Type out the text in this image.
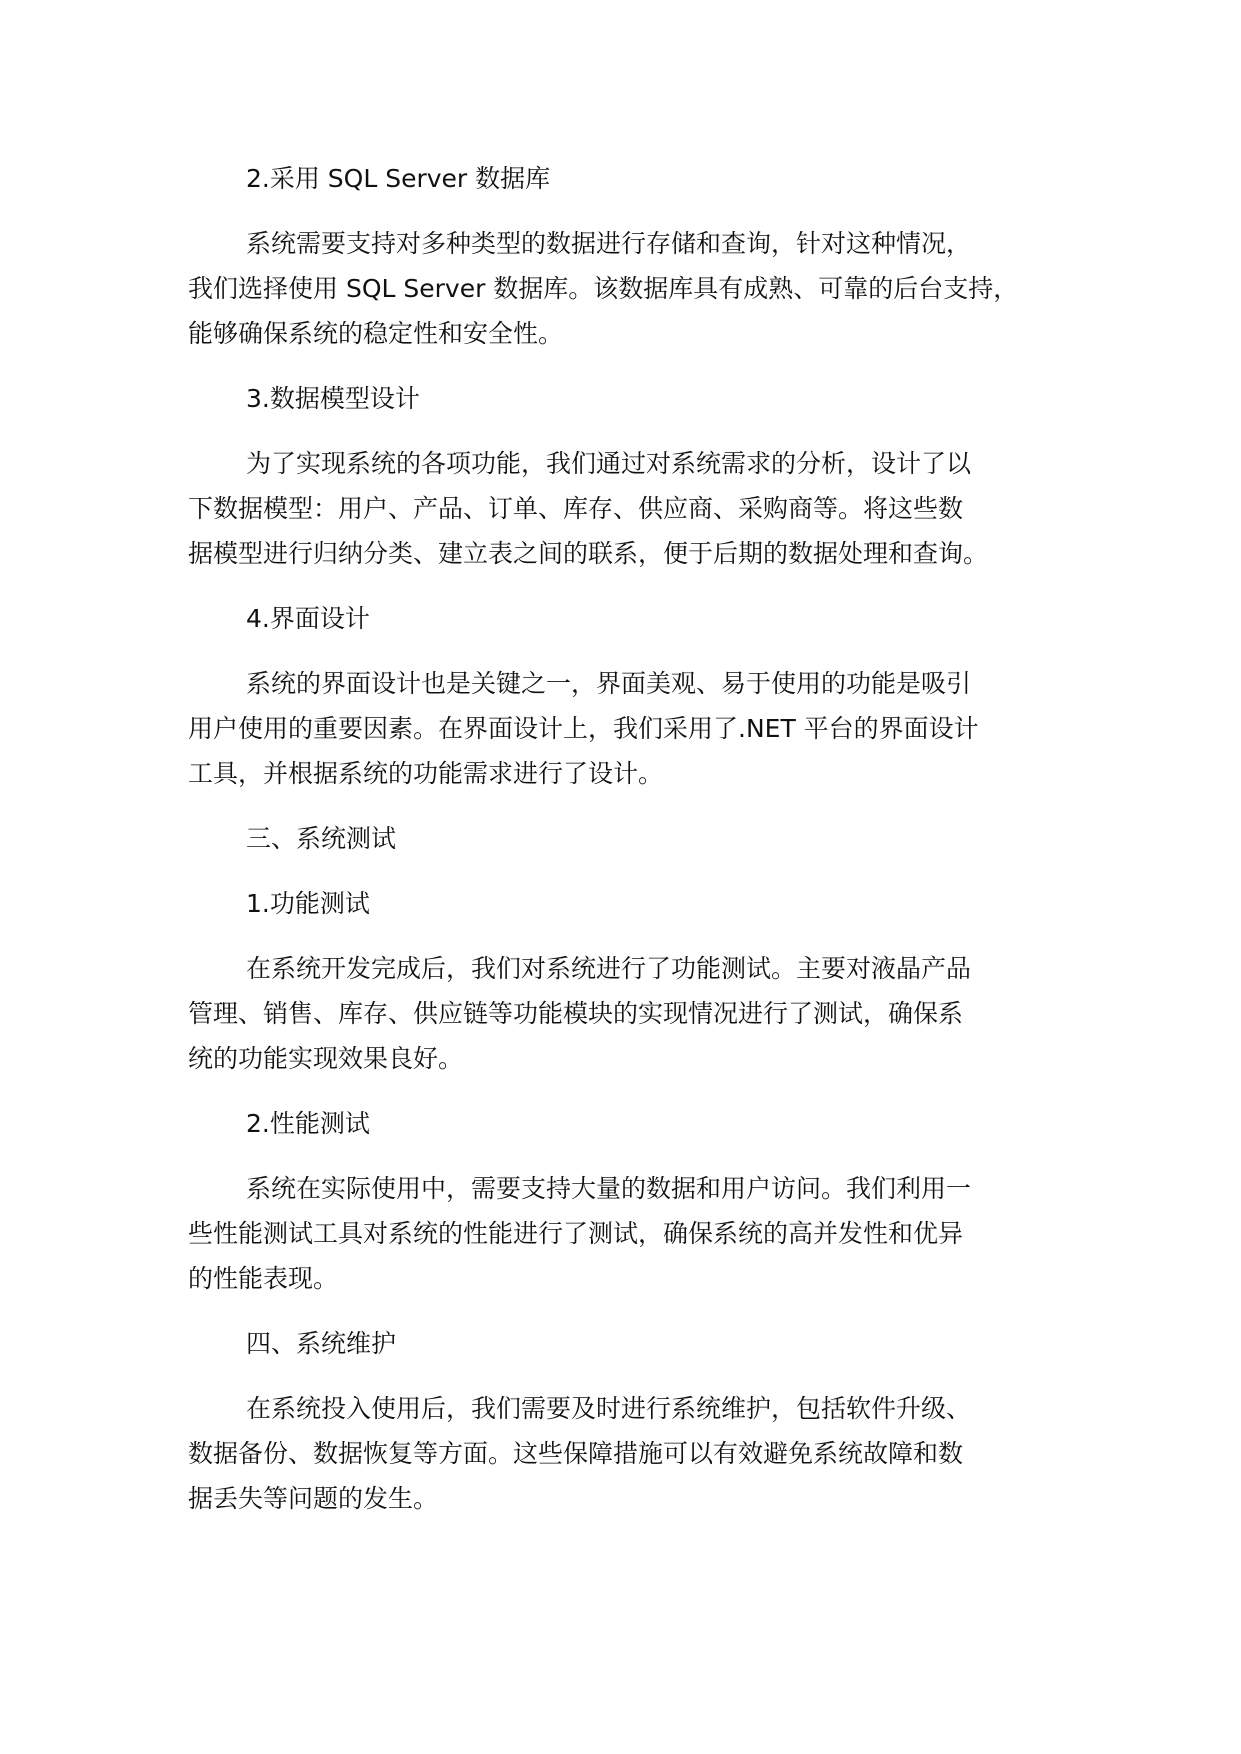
2.采用 SQL Server 数据库
系统需要支持对多种类型的数据进行存储和查询，针对这种情况，
我们选择使用 SQL Server 数据库。该数据库具有成熟、可靠的后台支持，
能够确保系统的稳定性和安全性。
3.数据模型设计
为了实现系统的各项功能，我们通过对系统需求的分析，设计了以
下数据模型：用户、产品、订单、库存、供应商、采购商等。将这些数
据模型进行归纳分类、建立表之间的联系，便于后期的数据处理和查询。
4.界面设计
系统的界面设计也是关键之一，界面美观、易于使用的功能是吸引
用户使用的重要因素。在界面设计上，我们采用了.NET 平台的界面设计
工具，并根据系统的功能需求进行了设计。
三、系统测试
1.功能测试
在系统开发完成后，我们对系统进行了功能测试。主要对液晶产品
管理、销售、库存、供应链等功能模块的实现情况进行了测试，确保系
统的功能实现效果良好。
2.性能测试
系统在实际使用中，需要支持大量的数据和用户访问。我们利用一
些性能测试工具对系统的性能进行了测试，确保系统的高并发性和优异
的性能表现。
四、系统维护
在系统投入使用后，我们需要及时进行系统维护，包括软件升级、
数据备份、数据恢复等方面。这些保障措施可以有效避免系统故障和数
据丢失等问题的发生。
